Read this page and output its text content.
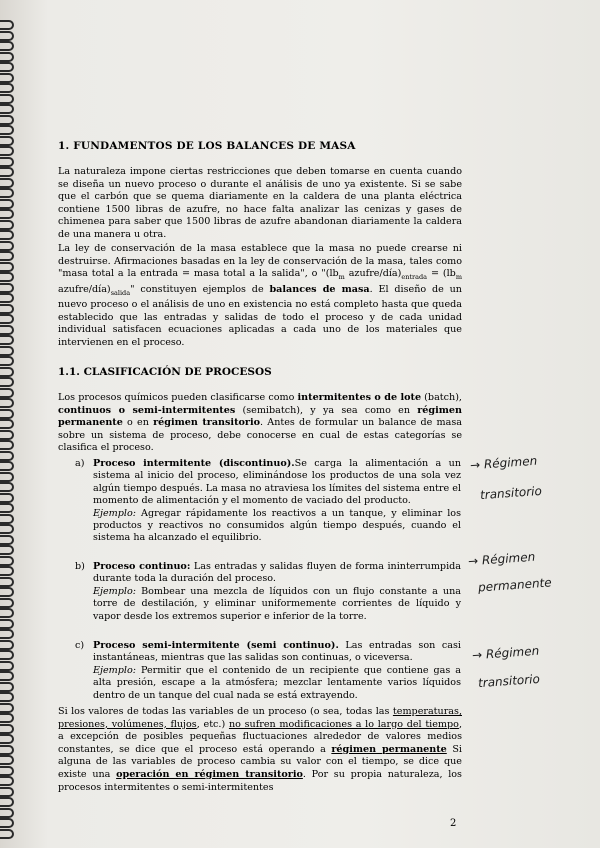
1. FUNDAMENTOS DE LOS BALANCES DE MASA
La naturaleza impone ciertas restricciones que deben tomarse en cuenta cuando se diseña un nuevo proceso o durante el análisis de uno ya existente. Si se sabe que el carbón que se quema diariamente en la caldera de una planta eléctrica contiene 1500 libras de azufre, no hace falta analizar las cenizas y gases de chimenea para saber que 1500 libras de azufre abandonan diariamente la caldera de una manera u otra.
La ley de conservación de la masa establece que la masa no puede crearse ni destruirse. Afirmaciones basadas en la ley de conservación de la masa, tales como "masa total a la entrada = masa total a la salida", o "($lb_m$ azufre/$día)_{entrada} = (lb_m$ azufre/$día)_{salida}$" constituyen ejemplos de balances de masa. El diseño de un nuevo proceso o el análisis de uno en existencia no está completo hasta que queda establecido que las entradas y salidas de todo el proceso y de cada unidad individual satisfacen ecuaciones aplicadas a cada uno de los materiales que intervienen en el proceso.
1.1. CLASIFICACIÓN DE PROCESOS
Los procesos químicos pueden clasificarse como intermitentes o de lote (batch), continuos o semi-intermitentes (semibatch), y ya sea como en régimen permanente o en régimen transitorio. Antes de formular un balance de masa sobre un sistema de proceso, debe conocerse en cual de estas categorías se clasifica el proceso.
a) Proceso intermitente (discontinuo).Se carga la alimentación a un sistema al inicio del proceso, eliminándose los productos de una sola vez algún tiempo después. La masa no atraviesa los límites del sistema entre el momento de alimentación y el momento de vaciado del producto.
Ejemplo: Agregar rápidamente los reactivos a un tanque, y eliminar los productos y reactivos no consumidos algún tiempo después, cuando el sistema ha alcanzado el equilibrio.
b) Proceso continuo: Las entradas y salidas fluyen de forma ininterrumpida durante toda la duración del proceso.
Ejemplo: Bombear una mezcla de líquidos con un flujo constante a una torre de destilación, y eliminar uniformemente corrientes de líquido y vapor desde los extremos superior e inferior de la torre.
c) Proceso semi-intermitente (semi continuo). Las entradas son casi instantáneas, mientras que las salidas son continuas, o viceversa.
Ejemplo: Permitir que el contenido de un recipiente que contiene gas a alta presión, escape a la atmósfera; mezclar lentamente varios líquidos dentro de un tanque del cual nada se está extrayendo.
Si los valores de todas las variables de un proceso (o sea, todas las temperaturas, presiones, volúmenes, flujos, etc.) no sufren modificaciones a lo largo del tiempo, a excepción de posibles pequeñas fluctuaciones alrededor de valores medios constantes, se dice que el proceso está operando a régimen permanente Si alguna de las variables de proceso cambia su valor con el tiempo, se dice que existe una operación en régimen transitorio. Por su propia naturaleza, los procesos intermitentes o semi-intermitentes
→ Régimen
transitorio
→ Régimen
permanente
→ Régimen
transitorio
2
